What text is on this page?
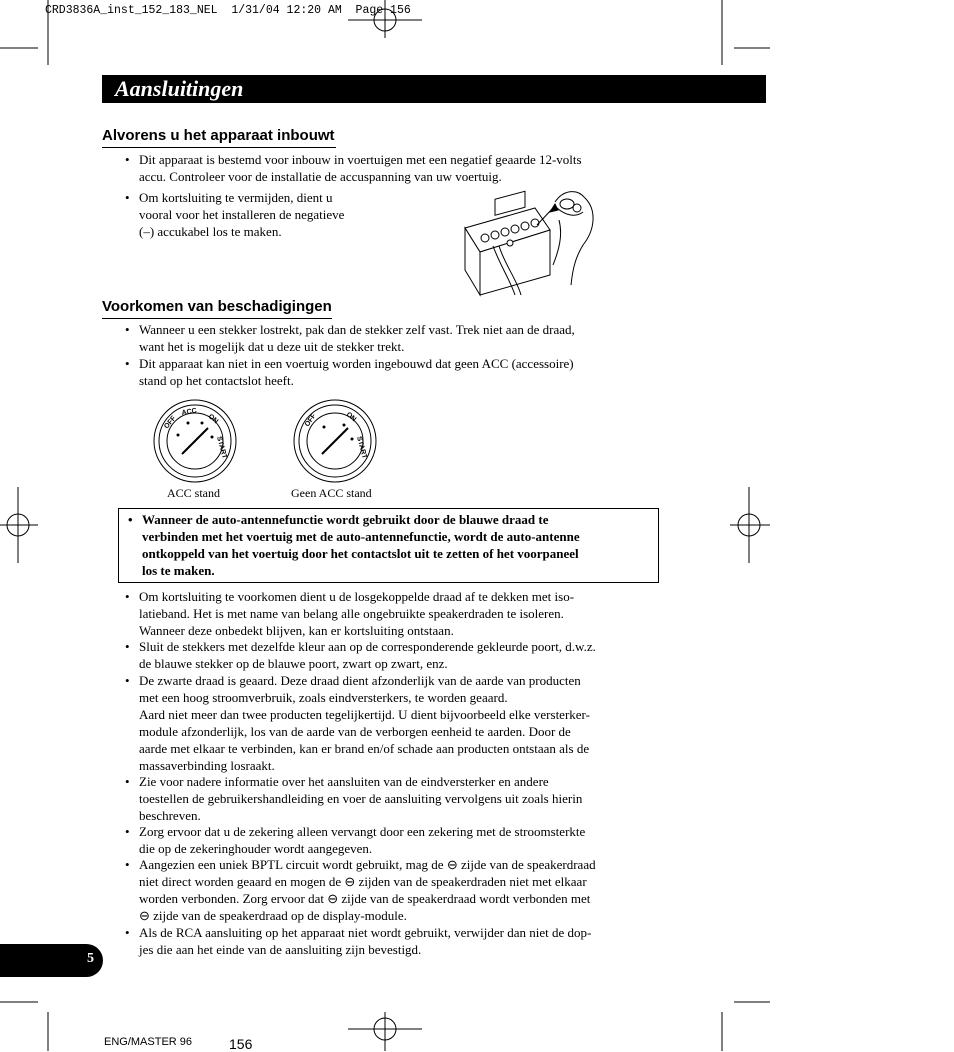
CRD3836A_inst_152_183_NEL  1/31/04 12:20 AM  Page 156
Aansluitingen
Alvorens u het apparaat inbouwt
• Dit apparaat is bestemd voor inbouw in voertuigen met een negatief geaarde 12-volts
accu. Controleer voor de installatie de accuspanning van uw voertuig.
• Om kortsluiting te vermijden, dient u
vooral voor het installeren de negatieve
(–) accukabel los te maken.
Voorkomen van beschadigingen
• Wanneer u een stekker lostrekt, pak dan de stekker zelf vast. Trek niet aan de draad,
want het is mogelijk dat u deze uit de stekker trekt.
• Dit apparaat kan niet in een voertuig worden ingebouwd dat geen ACC (accessoire)
stand op het contactslot heeft.
OFF
ACC
ON
START
ACC stand
OFF	ON
START
Geen ACC stand
• Wanneer de auto-antennefunctie wordt gebruikt door de blauwe draad te
verbinden met het voertuig met de auto-antennefunctie, wordt de auto-antenne
ontkoppeld van het voertuig door het contactslot uit te zetten of het voorpaneel
los te maken.
• Om kortsluiting te voorkomen dient u de losgekoppelde draad af te dekken met iso-
latieband. Het is met name van belang alle ongebruikte speakerdraden te isoleren.
Wanneer deze onbedekt blijven, kan er kortsluiting ontstaan.
• Sluit de stekkers met dezelfde kleur aan op de corresponderende gekleurde poort, d.w.z.
de blauwe stekker op de blauwe poort, zwart op zwart, enz.
• De zwarte draad is geaard. Deze draad dient afzonderlijk van de aarde van producten
met een hoog stroomverbruik, zoals eindversterkers, te worden geaard.
Aard niet meer dan twee producten tegelijkertijd. U dient bijvoorbeeld elke versterker-
module afzonderlijk, los van de aarde van de verborgen eenheid te aarden. Door de
aarde met elkaar te verbinden, kan er brand en/of schade aan producten ontstaan als de
massaverbinding losraakt.
• Zie voor nadere informatie over het aansluiten van de eindversterker en andere
toestellen de gebruikershandleiding en voer de aansluiting vervolgens uit zoals hierin
beschreven.
• Zorg ervoor dat u de zekering alleen vervangt door een zekering met de stroomsterkte
die op de zekeringhouder wordt aangegeven.
• Aangezien een uniek BPTL circuit wordt gebruikt, mag de ⊖ zijde van de speakerdraad
niet direct worden geaard en mogen de ⊖ zijden van de speakerdraden niet met elkaar
worden verbonden. Zorg ervoor dat ⊖ zijde van de speakerdraad wordt verbonden met
⊖ zijde van de speakerdraad op de display-module.
• Als de RCA aansluiting op het apparaat niet wordt gebruikt, verwijder dan niet de dop-
jes die aan het einde van de aansluiting zijn bevestigd.
5
ENG/MASTER 96	156
